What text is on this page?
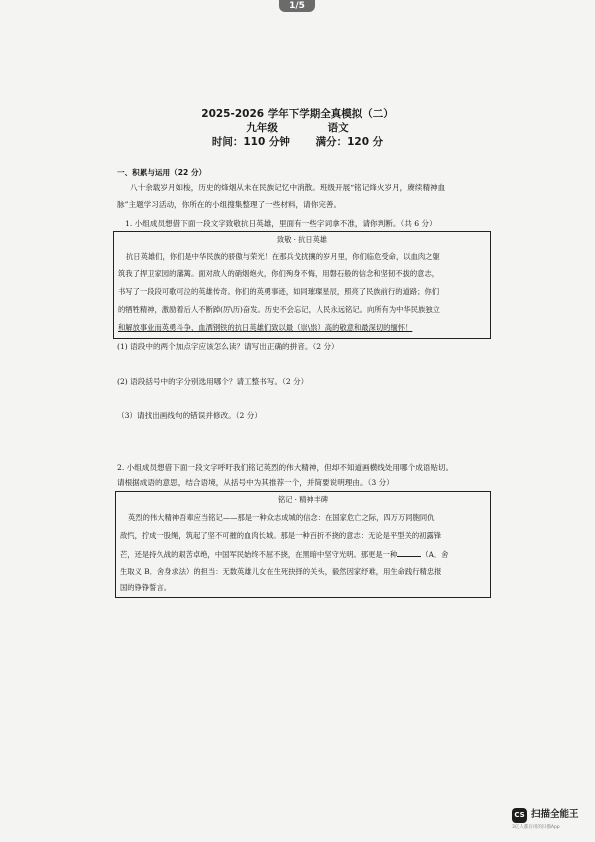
1/5
2025-2026 学年下学期全真模拟（二）
九年级	语文
时间：110 分钟 满分：120 分
一、积累与运用（22 分）
八十余载岁月如梭，历史的烽烟从未在民族记忆中消散。班级开展“铭记烽火岁月，赓续精神血
脉”主题学习活动，你所在的小组搜集整理了一些材料，请你完善。
1. 小组成员想借下面一段文字致敬抗日英雄，里面有一些字词拿不准，请你判断。（共 6 分）
致敬 · 抗日英雄
抗日英雄们，你们是中华民族的骄傲与荣光！在那兵戈扰攘的岁月里，你们临危受命，以血肉之躯
筑我了捍卫家园的藩篱。面对敌人的硝烟炮火，你们殉身不悔，用磐石般的信念和坚韧不拔的意志，
书写了一段段可歌可泣的英雄传奇。你们的英勇事迹，如同璀璨星辰，照亮了民族前行的道路；你们
的牺牲精神，激励着后人不断踔(厉\历)奋发。历史不会忘记，人民永远铭记。向所有为中华民族独立
和解放事业而英勇斗争、血洒钢铁的抗日英雄们致以最（崇\祟）高的敬意和最深切的缅怀！
(1) 语段中的两个加点字应该怎么读？请写出正确的拼音。（2 分）
(2) 语段括号中的字分别选用哪个？请工整书写。（2 分）
（3）请找出画线句的错误并修改。（2 分）
2. 小组成员想借下面一段文字呼吁我们铭记英烈的伟大精神，但却不知道画横线处用哪个成语贴切。
请根据成语的意思，结合语境，从括号中为其推荐一个，并简要说明理由。（3 分）
铭记 · 精神丰碑
英烈的伟大精神吾辈应当铭记——那是一种众志成城的信念：在国家危亡之际，四万万同胞同仇
敌忾，拧成一股绳，筑起了坚不可摧的血肉长城。那是一种百折不挠的意志：无论是平型关的初露锋
芒，还是持久战的艰苦卓绝，中国军民始终不屈不挠，在黑暗中坚守光明。那更是一种	（A．舍
生取义 B．舍身求法）的担当：无数英雄儿女在生死抉择的关头，毅然因家纾难，用生命践行精忠报
国的铮铮誓言。
CS 扫描全能王
3亿人都在用的扫描App
